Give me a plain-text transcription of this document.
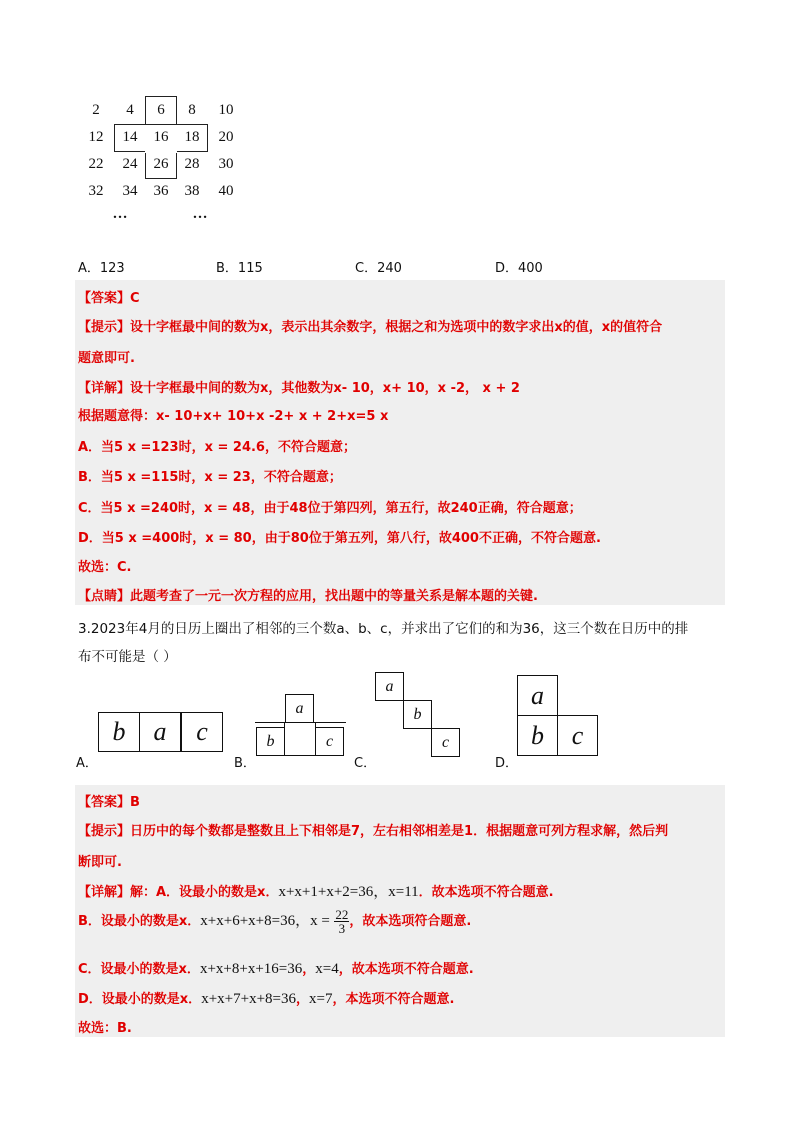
2	4	6	8	10
12	14	16	18	20
22	24	26	28	30
32	34	36	38	40
…	…
A．123	B．115	C．240	D．400
【答案】C
【提示】设十字框最中间的数为x，表示出其余数字，根据之和为选项中的数字求出x的值，x的值符合
题意即可.
【详解】设十字框最中间的数为x，其他数为x- 10，x+ 10，x -2， x + 2
根据题意得：x- 10+x+ 10+x -2+ x + 2+x=5 x
A．当5 x =123时，x = 24.6，不符合题意；
B．当5 x =115时，x = 23，不符合题意；
C．当5 x =240时，x = 48，由于48位于第四列，第五行，故240正确，符合题意；
D．当5 x =400时，x = 80，由于80位于第五列，第八行，故400不正确，不符合题意.
故选：C.
【点睛】此题考查了一元一次方程的应用，找出题中的等量关系是解本题的关键.
3.2023年4月的日历上圈出了相邻的三个数a、b、c，并求出了它们的和为36，这三个数在日历中的排
布不可能是（ ）
b	a	c
A．
a
b	c
B．
a
b
c
C．
a
b	c
D．
【答案】B
【提示】日历中的每个数都是整数且上下相邻是7，左右相邻相差是1．根据题意可列方程求解，然后判
断即可.
【详解】解：A．设最小的数是x．x+x+1+x+2=36，x=11．故本选项不符合题意.
B．设最小的数是x．x+x+6+x+8=36，$x = \frac{22}{3}$ ，故本选项符合题意.
C．设最小的数是x．x+x+8+x+16=36，x=4，故本选项不符合题意.
D．设最小的数是x．x+x+7+x+8=36，x=7，本选项不符合题意.
故选：B.
